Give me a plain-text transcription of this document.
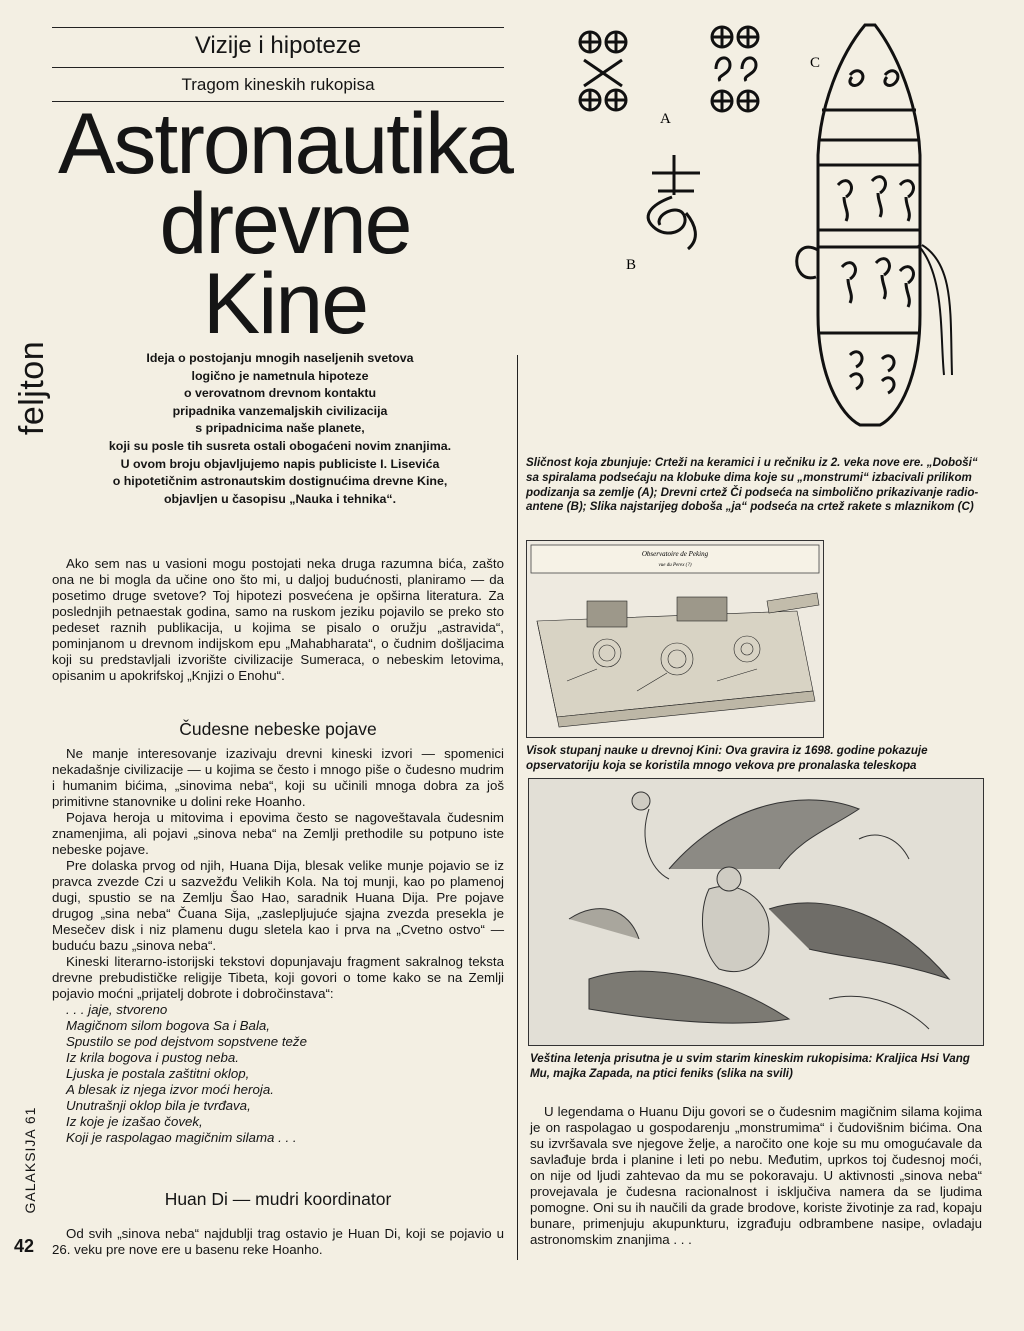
feljton
GALAKSIJA 61
42
Vizije i hipoteze
Tragom kineskih rukopisa
Astronautika
drevne
Kine
Ideja o postojanju mnogih naseljenih svetova
logično je nametnula hipoteze
o verovatnom drevnom kontaktu
pripadnika vanzemaljskih civilizacija
s pripadnicima naše planete,
koji su posle tih susreta ostali obogaćeni novim znanjima.
U ovom broju objavljujemo napis publiciste I. Lisevića
o hipotetičnim astronautskim dostignućima drevne Kine,
objavljen u časopisu „Nauka i tehnika“.

Ako sem nas u vasioni mogu postojati neka druga razumna bića, zašto ona ne bi mogla da učine ono što mi, u daljoj budućnosti, planiramo — da posetimo druge svetove? Toj hipotezi posvećena je opširna literatura. Za poslednjih petnaestak godina, samo na ruskom jeziku pojavilo se preko sto pedeset raznih publikacija, u kojima se pisalo o oružju „astravida“, pominjanom u drevnom indijskom epu „Mahabharata“, o čudnim došljacima koji su predstavljali izvorište civilizacije Sumeraca, o nebeskim letovima, opisanim u apokrifskoj „Knjizi o Enohu“.

Čudesne nebeske pojave

Ne manje interesovanje izazivaju drevni kineski izvori — spomenici nekadašnje civilizacije — u kojima se često i mnogo piše o čudesno mudrim i humanim bićima, „sinovima neba“, koji su učinili mnoga dobra za još primitivne stanovnike u dolini reke Hoanho.

Pojava heroja u mitovima i epovima često se nagoveštavala čudesnim znamenjima, ali pojavi „sinova neba“ na Zemlji prethodile su potpuno iste nebeske pojave.

Pre dolaska prvog od njih, Huana Dija, blesak velike munje pojavio se iz pravca zvezde Czi u sazvežđu Velikih Kola. Na toj munji, kao po plamenoj dugi, spustio se na Zemlju Šao Hao, saradnik Huana Dija. Pre pojave drugog „sina neba“ Čuana Sija, „zaslepljujuće sjajna zvezda presekla je Mesečev disk i niz plamenu dugu sletela kao i prva na „Cvetno ostvo“ — buduću bazu „sinova neba“.

Kineski literarno-istorijski tekstovi dopunjavaju fragment sakralnog teksta drevne prebudističke religije Tibeta, koji govori o tome kako se na Zemlji pojavio moćni „prijatelj dobrote i dobročinstava“:

. . . jaje, stvoreno
Magičnom silom bogova Sa i Bala,
Spustilo se pod dejstvom sopstvene teže
Iz krila bogova i pustog neba.
Ljuska je postala zaštitni oklop,
A blesak iz njega izvor moći heroja.
Unutrašnji oklop bila je tvrđava,
Iz koje je izašao čovek,
Koji je raspolagao magičnim silama . . .
Huan Di — mudri koordinator

Od svih „sinova neba“ najdublji trag ostavio je Huan Di, koji se pojavio u 26. veku pre nove ere u basenu reke Hoanho.

A
B
C
Sličnost koja zbunjuje: Crteži na keramici i u rečniku iz 2. veka nove ere. „Doboši“ sa spiralama podsećaju na klobuke dima koje su „monstrumi“ izbacivali prilikom podizanja sa zemlje (A); Drevni crtež Či podseća na simbolično prikazivanje radio-antene (B); Slika najstarijeg doboša „ja“ podseća na crtež rakete s mlaznikom (C)
Observatoire de Peking
vue du Perex (?)
Visok stupanj nauke u drevnoj Kini: Ova gravira iz 1698. godine pokazuje opservatoriju koja se koristila mnogo vekova pre pronalaska teleskopa
Veština letenja prisutna je u svim starim kineskim rukopisima: Kraljica Hsi Vang Mu, majka Zapada, na ptici feniks (slika na svili)

U legendama o Huanu Diju govori se o čudesnim magičnim silama kojima je on raspolagao u gospodarenju „monstrumima“ i čudovišnim bićima. Ona su izvršavala sve njegove želje, a naročito one koje su mu omogućavale da savlađuje brda i planine i leti po nebu. Međutim, uprkos toj čudesnoj moći, on nije od ljudi zahtevao da mu se pokoravaju. U aktivnosti „sinova neba“ provejavala je čudesna racionalnost i isključiva namera da se ljudima pomogne. Oni su ih naučili da grade brodove, koriste životinje za rad, kopaju bunare, primenjuju akupunkturu, izgrađuju odbrambene nasipe, ovladaju astronomskim znanjima . . .
